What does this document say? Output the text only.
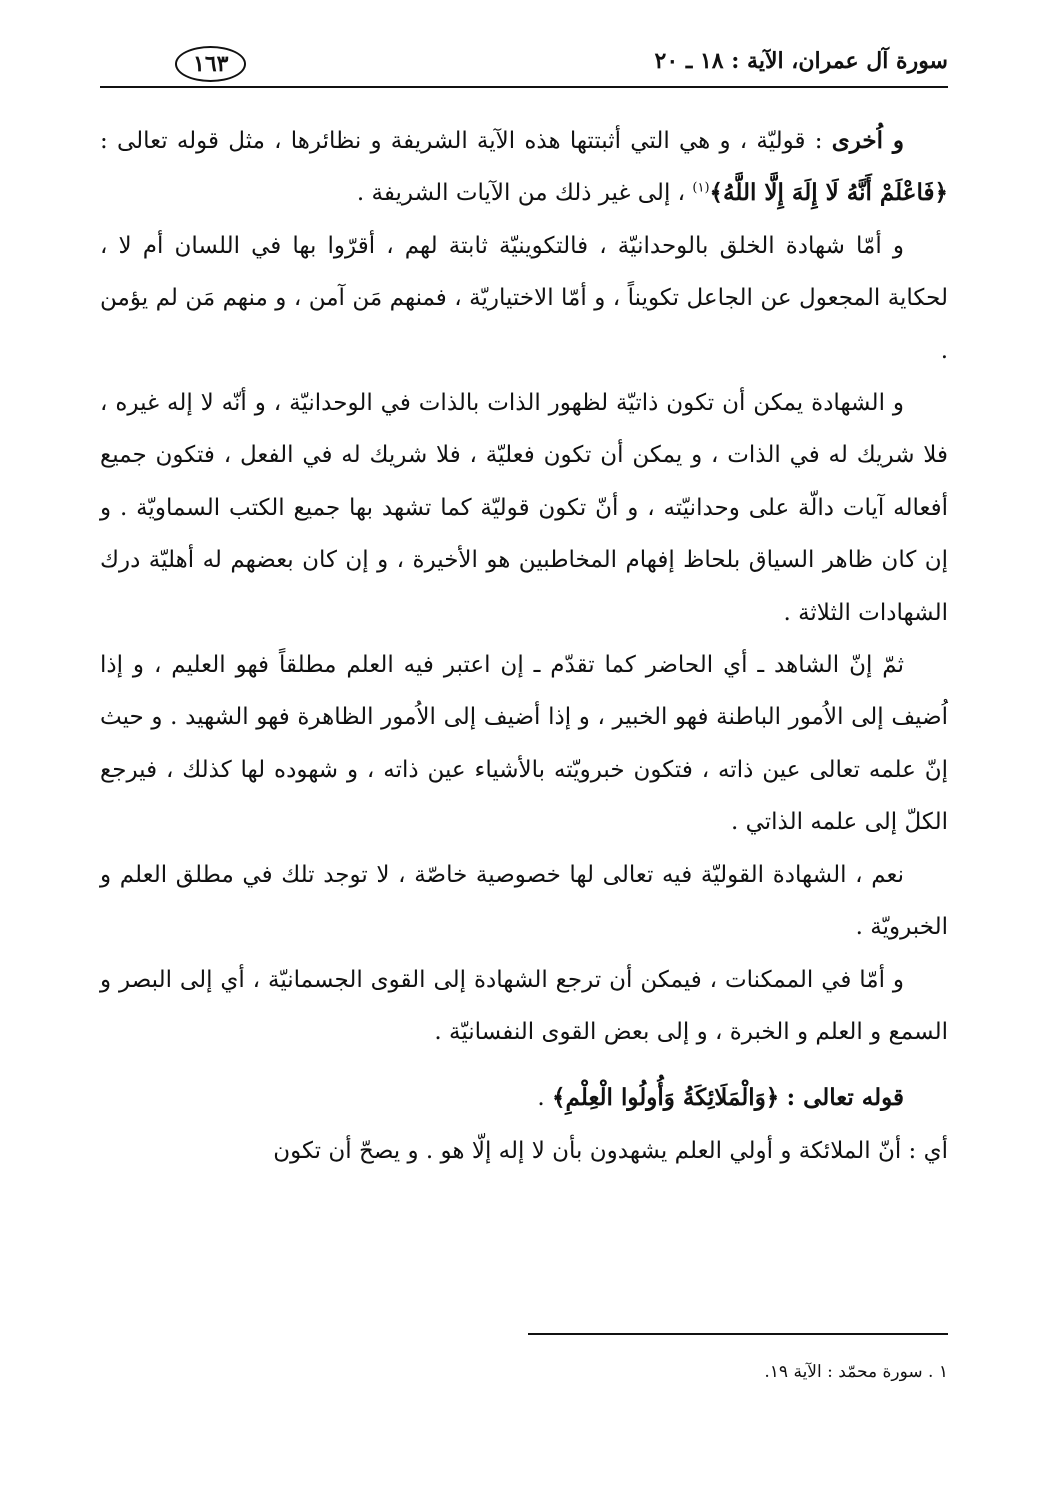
سورة آل عمران، الآية : ١٨ ـ ٢٠
١٦٣

و اُخرى : قوليّة ، و هي التي أثبتتها هذه الآية الشريفة و نظائرها ، مثل قوله تعالى : ﴿فَاعْلَمْ أَنَّهُ لَا إِلَهَ إِلَّا اللَّهُ﴾$^{(١)}$ ، إلى غير ذلك من الآيات الشريفة .

و أمّا شهادة الخلق بالوحدانيّة ، فالتكوينيّة ثابتة لهم ، أقرّوا بها في اللسان أم لا ، لحكاية المجعول عن الجاعل تكويناً ، و أمّا الاختياريّة ، فمنهم مَن آمن ، و منهم مَن لم يؤمن .

و الشهادة يمكن أن تكون ذاتيّة لظهور الذات بالذات في الوحدانيّة ، و أنّه لا إله غيره ، فلا شريك له في الذات ، و يمكن أن تكون فعليّة ، فلا شريك له في الفعل ، فتكون جميع أفعاله آيات دالّة على وحدانيّته ، و أنّ تكون قوليّة كما تشهد بها جميع الكتب السماويّة . و إن كان ظاهر السياق بلحاظ إفهام المخاطبين هو الأخيرة ، و إن كان بعضهم له أهليّة درك الشهادات الثلاثة .

ثمّ إنّ الشاهد ـ أي الحاضر كما تقدّم ـ إن اعتبر فيه العلم مطلقاً فهو العليم ، و إذا اُضيف إلى الاُمور الباطنة فهو الخبير ، و إذا أضيف إلى الاُمور الظاهرة فهو الشهيد . و حيث إنّ علمه تعالى عين ذاته ، فتكون خبرويّته بالأشياء عين ذاته ، و شهوده لها كذلك ، فيرجع الكلّ إلى علمه الذاتي .

نعم ، الشهادة القوليّة فيه تعالى لها خصوصية خاصّة ، لا توجد تلك في مطلق العلم و الخبرويّة .

و أمّا في الممكنات ، فيمكن أن ترجع الشهادة إلى القوى الجسمانيّة ، أي إلى البصر و السمع و العلم و الخبرة ، و إلى بعض القوى النفسانيّة .

قوله تعالى : ﴿وَالْمَلَائِكَةُ وَأُولُوا الْعِلْمِ﴾ .

أي : أنّ الملائكة و أولي العلم يشهدون بأن لا إله إلّا هو . و يصحّ أن تكون

١ . سورة محمّد : الآية ١٩.
